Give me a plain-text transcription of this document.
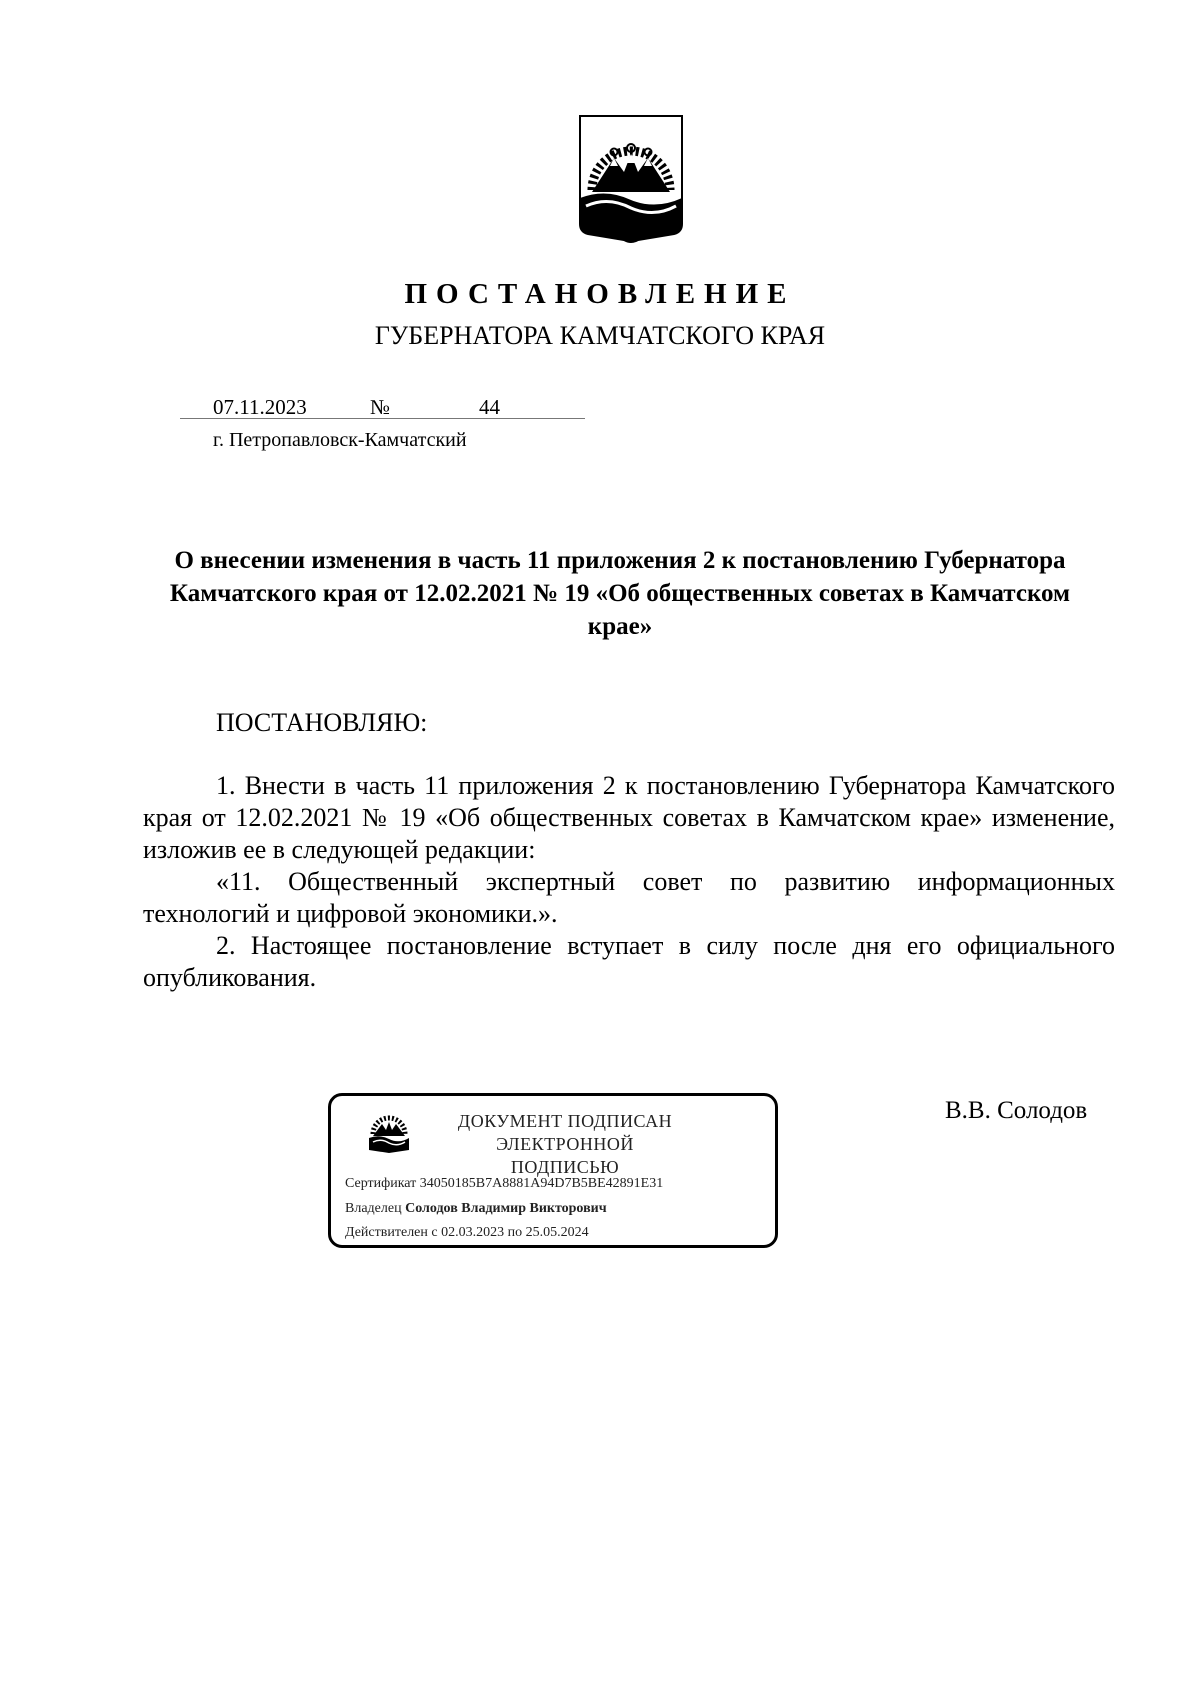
ПОСТАНОВЛЕНИЕ
ГУБЕРНАТОРА КАМЧАТСКОГО КРАЯ
07.11.2023	№	44
г. Петропавловск-Камчатский
О внесении изменения в часть 11 приложения 2 к постановлению Губернатора Камчатского края от 12.02.2021 № 19 «Об общественных советах в Камчатском крае»
ПОСТАНОВЛЯЮ:
1. Внести в часть 11 приложения 2 к постановлению Губернатора Камчатского края от 12.02.2021 № 19 «Об общественных советах в Камчатском крае» изменение, изложив ее в следующей редакции:
«11. Общественный экспертный совет по развитию информационных технологий и цифровой экономики.».
2. Настоящее постановление вступает в силу после дня его официального опубликования.
ДОКУМЕНТ ПОДПИСАН
ЭЛЕКТРОННОЙ ПОДПИСЬЮ
Сертификат 34050185B7A8881A94D7B5BE42891E31
Владелец Солодов Владимир Викторович
Действителен с 02.03.2023 по 25.05.2024
В.В. Солодов
